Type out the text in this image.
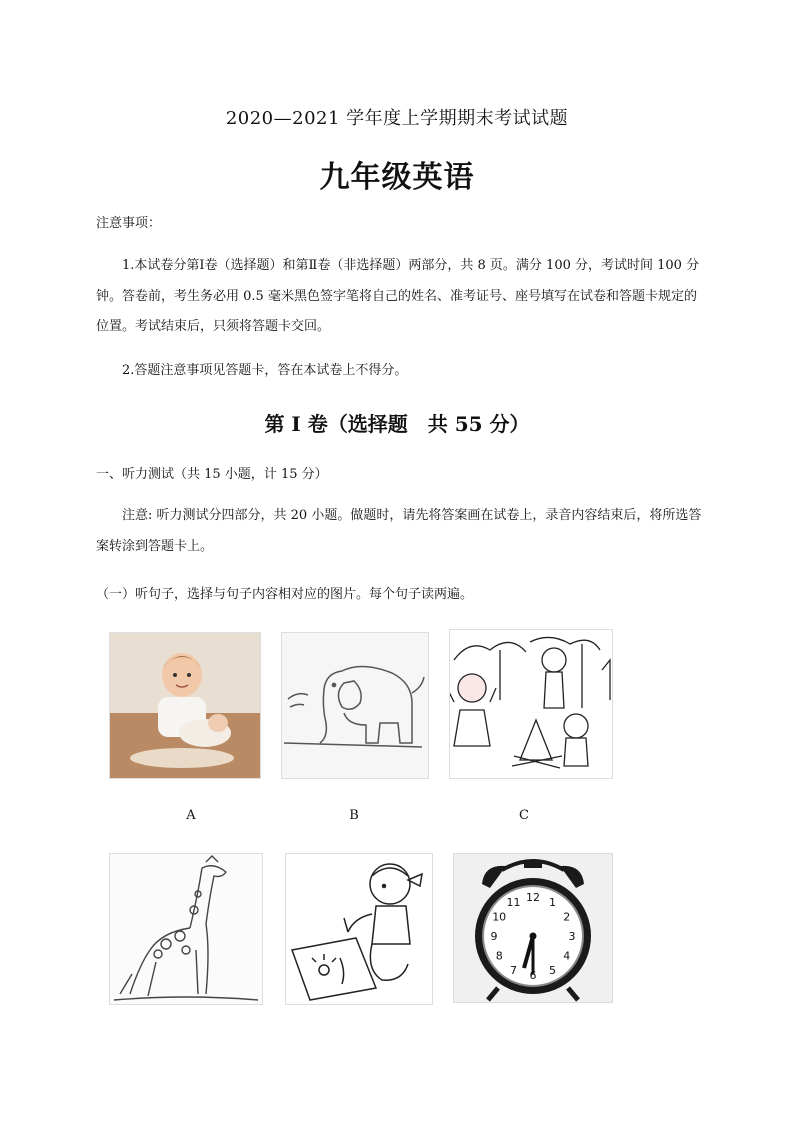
2020—2021 学年度上学期期末考试试题
九年级英语
注意事项：
1.本试卷分第Ⅰ卷（选择题）和第Ⅱ卷（非选择题）两部分，共 8 页。满分 100 分，考试时间 100 分钟。答卷前，考生务必用 0.5 毫米黑色签字笔将自己的姓名、准考证号、座号填写在试卷和答题卡规定的位置。考试结束后，只须将答题卡交回。
2.答题注意事项见答题卡，答在本试卷上不得分。
第 I 卷（选择题　共 55 分）
一、听力测试（共 15 小题，计 15 分）
注意: 听力测试分四部分，共 20 小题。做题时，请先将答案画在试卷上，录音内容结束后，将所选答案转涂到答题卡上。
（一）听句子，选择与句子内容相对应的图片。每个句子读两遍。
A	B	C
12 1
2
3
4
5
6
7
8
9
10
11
